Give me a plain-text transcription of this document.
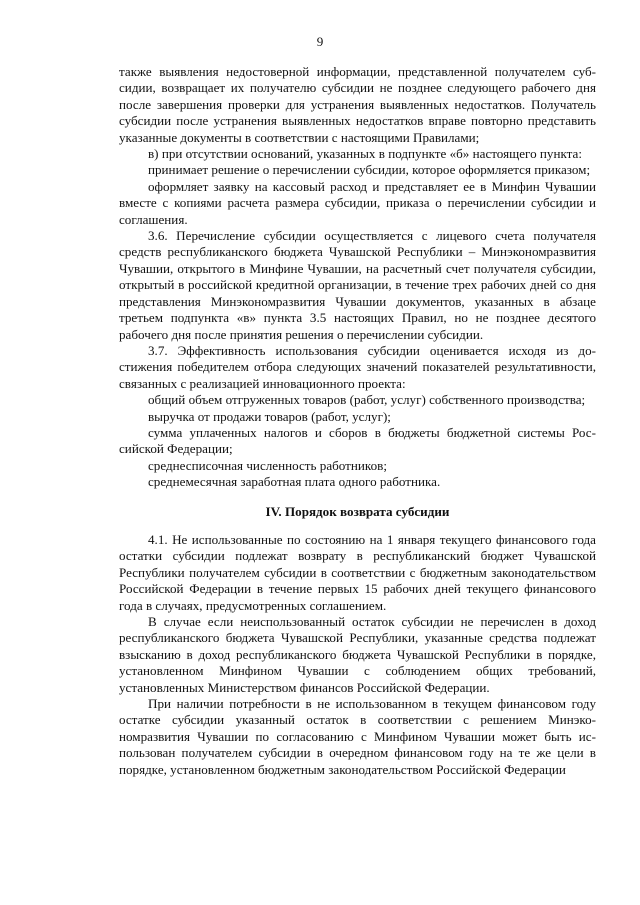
9

также выявления недостоверной информации, представленной получателем субсидии, возвращает их получателю субсидии не позднее следующего рабочего дня после завершения проверки для устранения выявленных недостатков. Получатель субсидии после устранения выявленных недостатков вправе повторно представить указанные документы в соответствии с настоящими Правилами;

в) при отсутствии оснований, указанных в подпункте «б» настоящего пункта:

принимает решение о перечислении субсидии, которое оформляется приказом;

оформляет заявку на кассовый расход и представляет ее в Минфин Чувашии вместе с копиями расчета размера субсидии, приказа о перечислении субсидии и соглашения.

3.6. Перечисление субсидии осуществляется с лицевого счета получателя средств республиканского бюджета Чувашской Республики – Минэкономразвития Чувашии, открытого в Минфине Чувашии, на расчетный счет получателя субсидии, открытый в российской кредитной организации, в течение трех рабочих дней со дня представления Минэкономразвития Чувашии документов, указанных в абзаце третьем подпункта «в» пункта 3.5 настоящих Правил, но не позднее десятого рабочего дня после принятия решения о перечислении субсидии.

3.7. Эффективность использования субсидии оценивается исходя из достижения победителем отбора следующих значений показателей результативности, связанных с реализацией инновационного проекта:

общий объем отгруженных товаров (работ, услуг) собственного производства;

выручка от продажи товаров (работ, услуг);

сумма уплаченных налогов и сборов в бюджеты бюджетной системы Российской Федерации;

среднесписочная численность работников;

среднемесячная заработная плата одного работника.

IV. Порядок возврата субсидии

4.1. Не использованные по состоянию на 1 января текущего финансового года остатки субсидии подлежат возврату в республиканский бюджет Чувашской Республики получателем субсидии в соответствии с бюджетным законодательством Российской Федерации в течение первых 15 рабочих дней текущего финансового года в случаях, предусмотренных соглашением.

В случае если неиспользованный остаток субсидии не перечислен в доход республиканского бюджета Чувашской Республики, указанные средства подлежат взысканию в доход республиканского бюджета Чувашской Республики в порядке, установленном Минфином Чувашии с соблюдением общих требований, установленных Министерством финансов Российской Федерации.

При наличии потребности в не использованном в текущем финансовом году остатке субсидии указанный остаток в соответствии с решением Минэкономразвития Чувашии по согласованию с Минфином Чувашии может быть использован получателем субсидии в очередном финансовом году на те же цели в порядке, установленном бюджетным законодательством Российской Федерации
